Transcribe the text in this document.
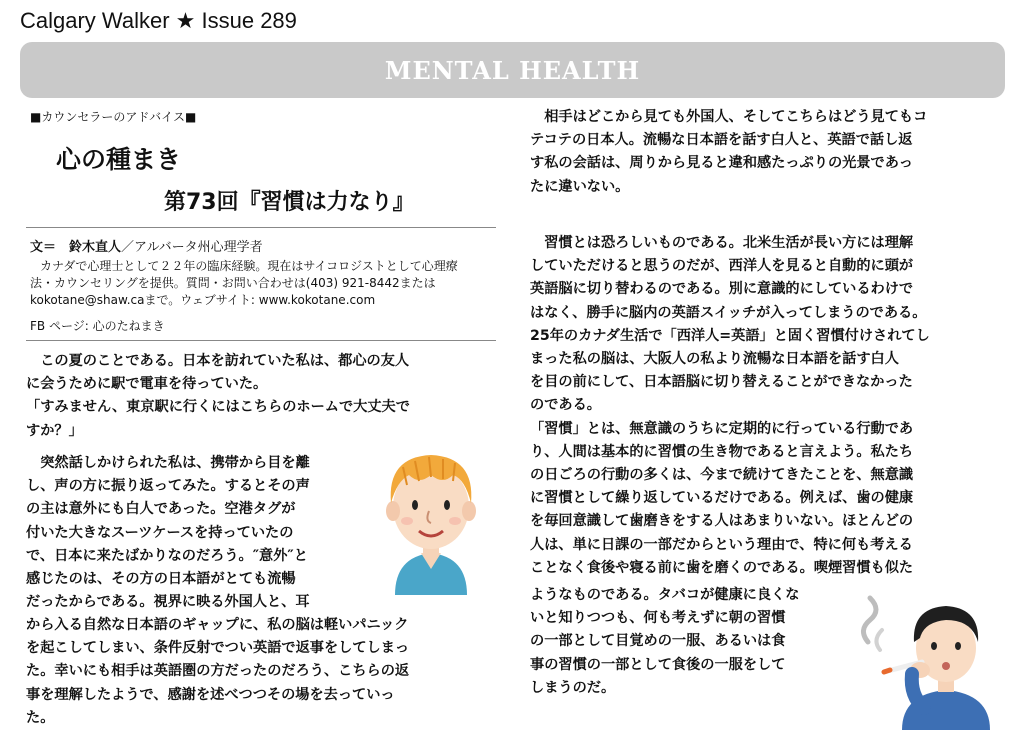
Calgary Walker ★ Issue 289
MENTAL HEALTH
■カウンセラーのアドバイス■
心の種まき
第73回『習慣は力なり』
文＝　鈴木直人／アルバータ州心理学者
カナダで心理士として２２年の臨床経験。現在はサイコロジストとして心理療
法・カウンセリングを提供。質問・お問い合わせは(403) 921-8442または
kokotane@shaw.caまで。ウェブサイト: www.kokotane.com
FB ページ: 心のたねまき
　この夏のことである。日本を訪れていた私は、都心の友人
に会うために駅で電車を待っていた。
「すみません、東京駅に行くにはこちらのホームで大丈夫で
すか？」
　突然話しかけられた私は、携帯から目を離
し、声の方に振り返ってみた。するとその声
の主は意外にも白人であった。空港タグが
付いた大きなスーツケースを持っていたの
で、日本に来たばかりなのだろう。″意外″と
感じたのは、その方の日本語がとても流暢
だったからである。視界に映る外国人と、耳
から入る自然な日本語のギャップに、私の脳は軽いパニック
を起こしてしまい、条件反射でつい英語で返事をしてしまっ
た。幸いにも相手は英語圏の方だったのだろう、こちらの返
事を理解したようで、感謝を述べつつその場を去っていっ
た。
　相手はどこから見ても外国人、そしてこちらはどう見てもコ
テコテの日本人。流暢な日本語を話す白人と、英語で話し返
す私の会話は、周りから見ると違和感たっぷりの光景であっ
たに違いない。
　習慣とは恐ろしいものである。北米生活が長い方には理解
していただけると思うのだが、西洋人を見ると自動的に頭が
英語脳に切り替わるのである。別に意識的にしているわけで
はなく、勝手に脳内の英語スイッチが入ってしまうのである。
25年のカナダ生活で「西洋人=英語」と固く習慣付けされてし
まった私の脳は、大阪人の私より流暢な日本語を話す白人
を目の前にして、日本語脳に切り替えることができなかった
のである。
「習慣」とは、無意識のうちに定期的に行っている行動であ
り、人間は基本的に習慣の生き物であると言えよう。私たち
の日ごろの行動の多くは、今まで続けてきたことを、無意識
に習慣として繰り返しているだけである。例えば、歯の健康
を毎回意識して歯磨きをする人はあまりいない。ほとんどの
人は、単に日課の一部だからという理由で、特に何も考える
ことなく食後や寝る前に歯を磨くのである。喫煙習慣も似た
ようなものである。タバコが健康に良くな
いと知りつつも、何も考えずに朝の習慣
の一部として目覚めの一服、あるいは食
事の習慣の一部として食後の一服をして
しまうのだ。
